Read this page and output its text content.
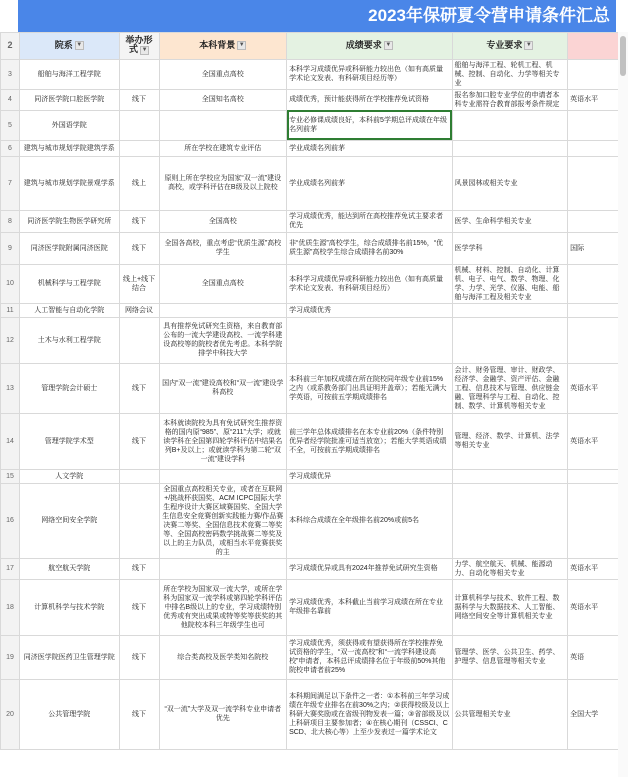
2023年保研夏令营申请条件汇总

2	院系 ▼	举办形式 ▼	本科背景 ▼	成绩要求 ▼	专业要求 ▼	
3	船舶与海洋工程学院		全国重点高校	本科学习成绩优异或科研能力较出色（如有高质量学术论文发表、有科研项目经历等）	船舶与海洋工程、轮机工程、机械、控制、自动化、力学等相关专业	
4	同济医学院口腔医学院	线下	全国知名高校	成绩优秀，预计能获得所在学校推荐免试资格	报名参加口腔专业学位的申请者本科专业需符合教育部报考条件规定	英语水平
5	外国语学院			专业必修课成绩良好，本科前5学期总评成绩在年级名列前茅		
6	建筑与城市规划学院建筑学系		所在学校在建筑专业评估	学业成绩名列前茅		
7	建筑与城市规划学院景观学系	线上	原则上所在学校应为国家“双一流”建设高校，或学科评估在B级及以上院校	学业成绩名列前茅	风景园林或相关专业	
8	同济医学院生物医学研究所	线下	全国高校	学习成绩优秀，能达到所在高校推荐免试主要求者优先	医学、生命科学相关专业	
9	同济医学院附属同济医院	线下	全国各高校，重点考虑“优质生源”高校学生	非“优质生源”高校学生，综合成绩排名前15%，“优质生源”高校学生综合成绩排名前30%	医学学科	国际
10	机械科学与工程学院	线上+线下结合	全国重点高校	本科学习成绩优异或科研能力较出色（如有高质量学术论文发表、有科研项目经历）	机械、材料、控制、自动化、计算机、电子、电气、数学、物理、化学、力学、光学、仪器、电能、船舶与海洋工程及相关专业	
11	人工智能与自动化学院	网络会议		学习成绩优秀		
12	土木与水利工程学院		具有推荐免试研究生资格，来自教育部公布的一流大学建设高校、一流学科建设高校等的院校者优先考虑。本科学院排学中科技大学			
13	管理学院会计硕士	线下	国内“双一流”建设高校和“双一流”建设学科高校	本科前三年加权成绩在所在院校同年级专业前15%之内（或系教务部门出具证明并盖章）；若能无满大学英语，可按前五学期成绩排名	会计、财务管理、审计、财政学、经济学、金融学、资产评估、金融工程、信息技术与管理、供应链金融、管理科学与工程、自动化、控制、数学、计算机等相关专业	英语水平
14	管理学院学术型	线下	本科就读院校为具有免试研究生推荐资格的国内原“985”、原“211”大学；或就读学科在全国第四轮学科评估中结果名列B+及以上；或就读学科为第二轮“双一流”建设学科	前三学年总体成绩排名在本专业前20%（条件特别优异者经学院批准可适当放宽）；若能大学英语成绩不全，可按前五学期成绩排名	管理、经济、数学、计算机、法学等相关专业	英语水平
15	人文学院			学习成绩优异		
16	网络空间安全学院		全国重点高校相关专业，或者在互联网+/挑战杯获国奖、ACM ICPC国际大学生程序设计大赛区域赛国奖、全国大学生信息安全竞赛创新实践能力赛/作品赛决赛二等奖、全国信息技术竞赛二等奖等、全国高校密码数学挑战赛二等奖及以上的主力队员，或相当水平竞赛获奖的主	本科综合成绩在全年级排名前20%或前5名		
17	航空航天学院	线下		学习成绩优异或具有2024年推荐免试研究生资格	力学、航空航天、机械、能源动力、自动化等相关专业	英语水平
18	计算机科学与技术学院	线下	所在学校为国家双一流大学，或所在学科为国家双一流学科或第四轮学科评估中排名B级以上的专业，学习成绩特别优秀或有突出成果或特等奖等获奖的其他院校本科三年级学生也可	学习成绩优秀，本科截止当前学习成绩在所在专业年级排名靠前	计算机科学与技术、软件工程、数据科学与大数据技术、人工智能、网络空间安全等计算机相关专业	英语水平
19	同济医学院医药卫生管理学院	线下	综合类高校及医学类知名院校	学习成绩优秀，须获得或有望获得所在学校推荐免试资格的学生，“双一流高校”和“一流学科建设高校”申请者，本科总评成绩排名位于年级前50%其他院校申请者前25%	管理学、医学、公共卫生、药学、护理学、信息管理等相关专业	英语
20	公共管理学院	线下	“双一流”大学及双一流学科专业申请者优先	本科期间满足以下条件之一者：①本科前三年学习成绩在年级专业排名在前30%之内；②获得校级及以上科研大赛奖励或在省级刊物发表一篇；③省部级及以上科研项目主要参加者；④在核心期刊（CSSCI、CSCD、北大核心等）上至少发表过一篇学术论文	公共管理相关专业	全国大学
